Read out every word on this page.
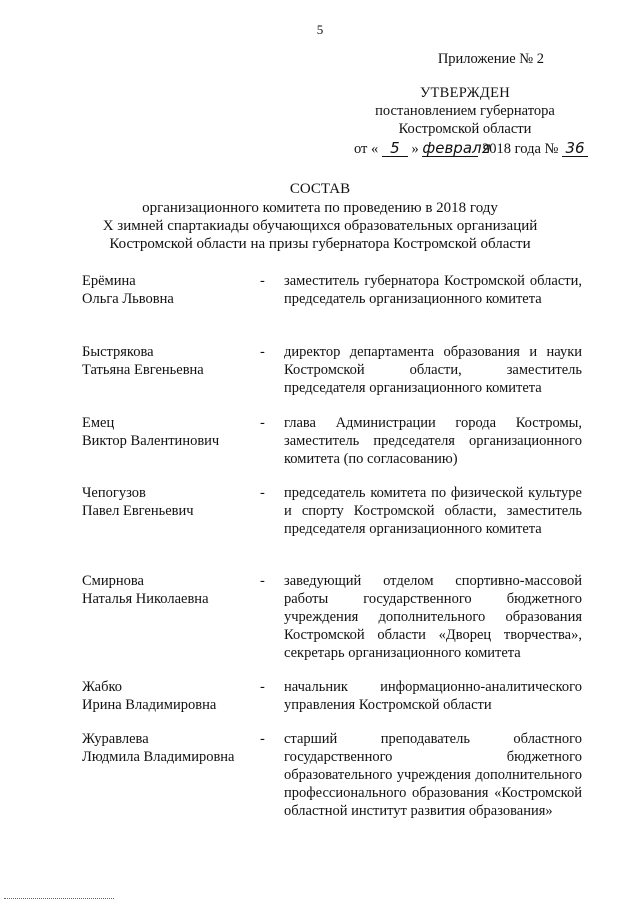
5
Приложение № 2
УТВЕРЖДЕН
постановлением губернатора
Костромской области
от « 5 » февраля 2018 года № 36
СОСТАВ
организационного комитета по проведению в 2018 году
X зимней спартакиады обучающихся образовательных организаций
Костромской области на призы губернатора Костромской области
Ерёмина
Ольга Львовна
-	заместитель губернатора Костромской области, председатель организационного комитета
Быстрякова
Татьяна Евгеньевна
-	директор департамента образования и науки Костромской области, заместитель председателя организационного комитета
Емец
Виктор Валентинович
-	глава Администрации города Костромы, заместитель председателя организационного комитета (по согласованию)
Чепогузов
Павел Евгеньевич
-	председатель комитета по физической культуре и спорту Костромской области, заместитель председателя организационного комитета
Смирнова
Наталья Николаевна
-	заведующий отделом спортивно-массовой работы государственного бюджетного учреждения дополнительного образования Костромской области «Дворец творчества», секретарь организационного комитета
Жабко
Ирина Владимировна
-	начальник информационно-аналитического управления Костромской области
Журавлева
Людмила Владимировна
-	старший преподаватель областного государственного бюджетного образовательного учреждения дополнительного профессионального образования «Костромской областной институт развития образования»
